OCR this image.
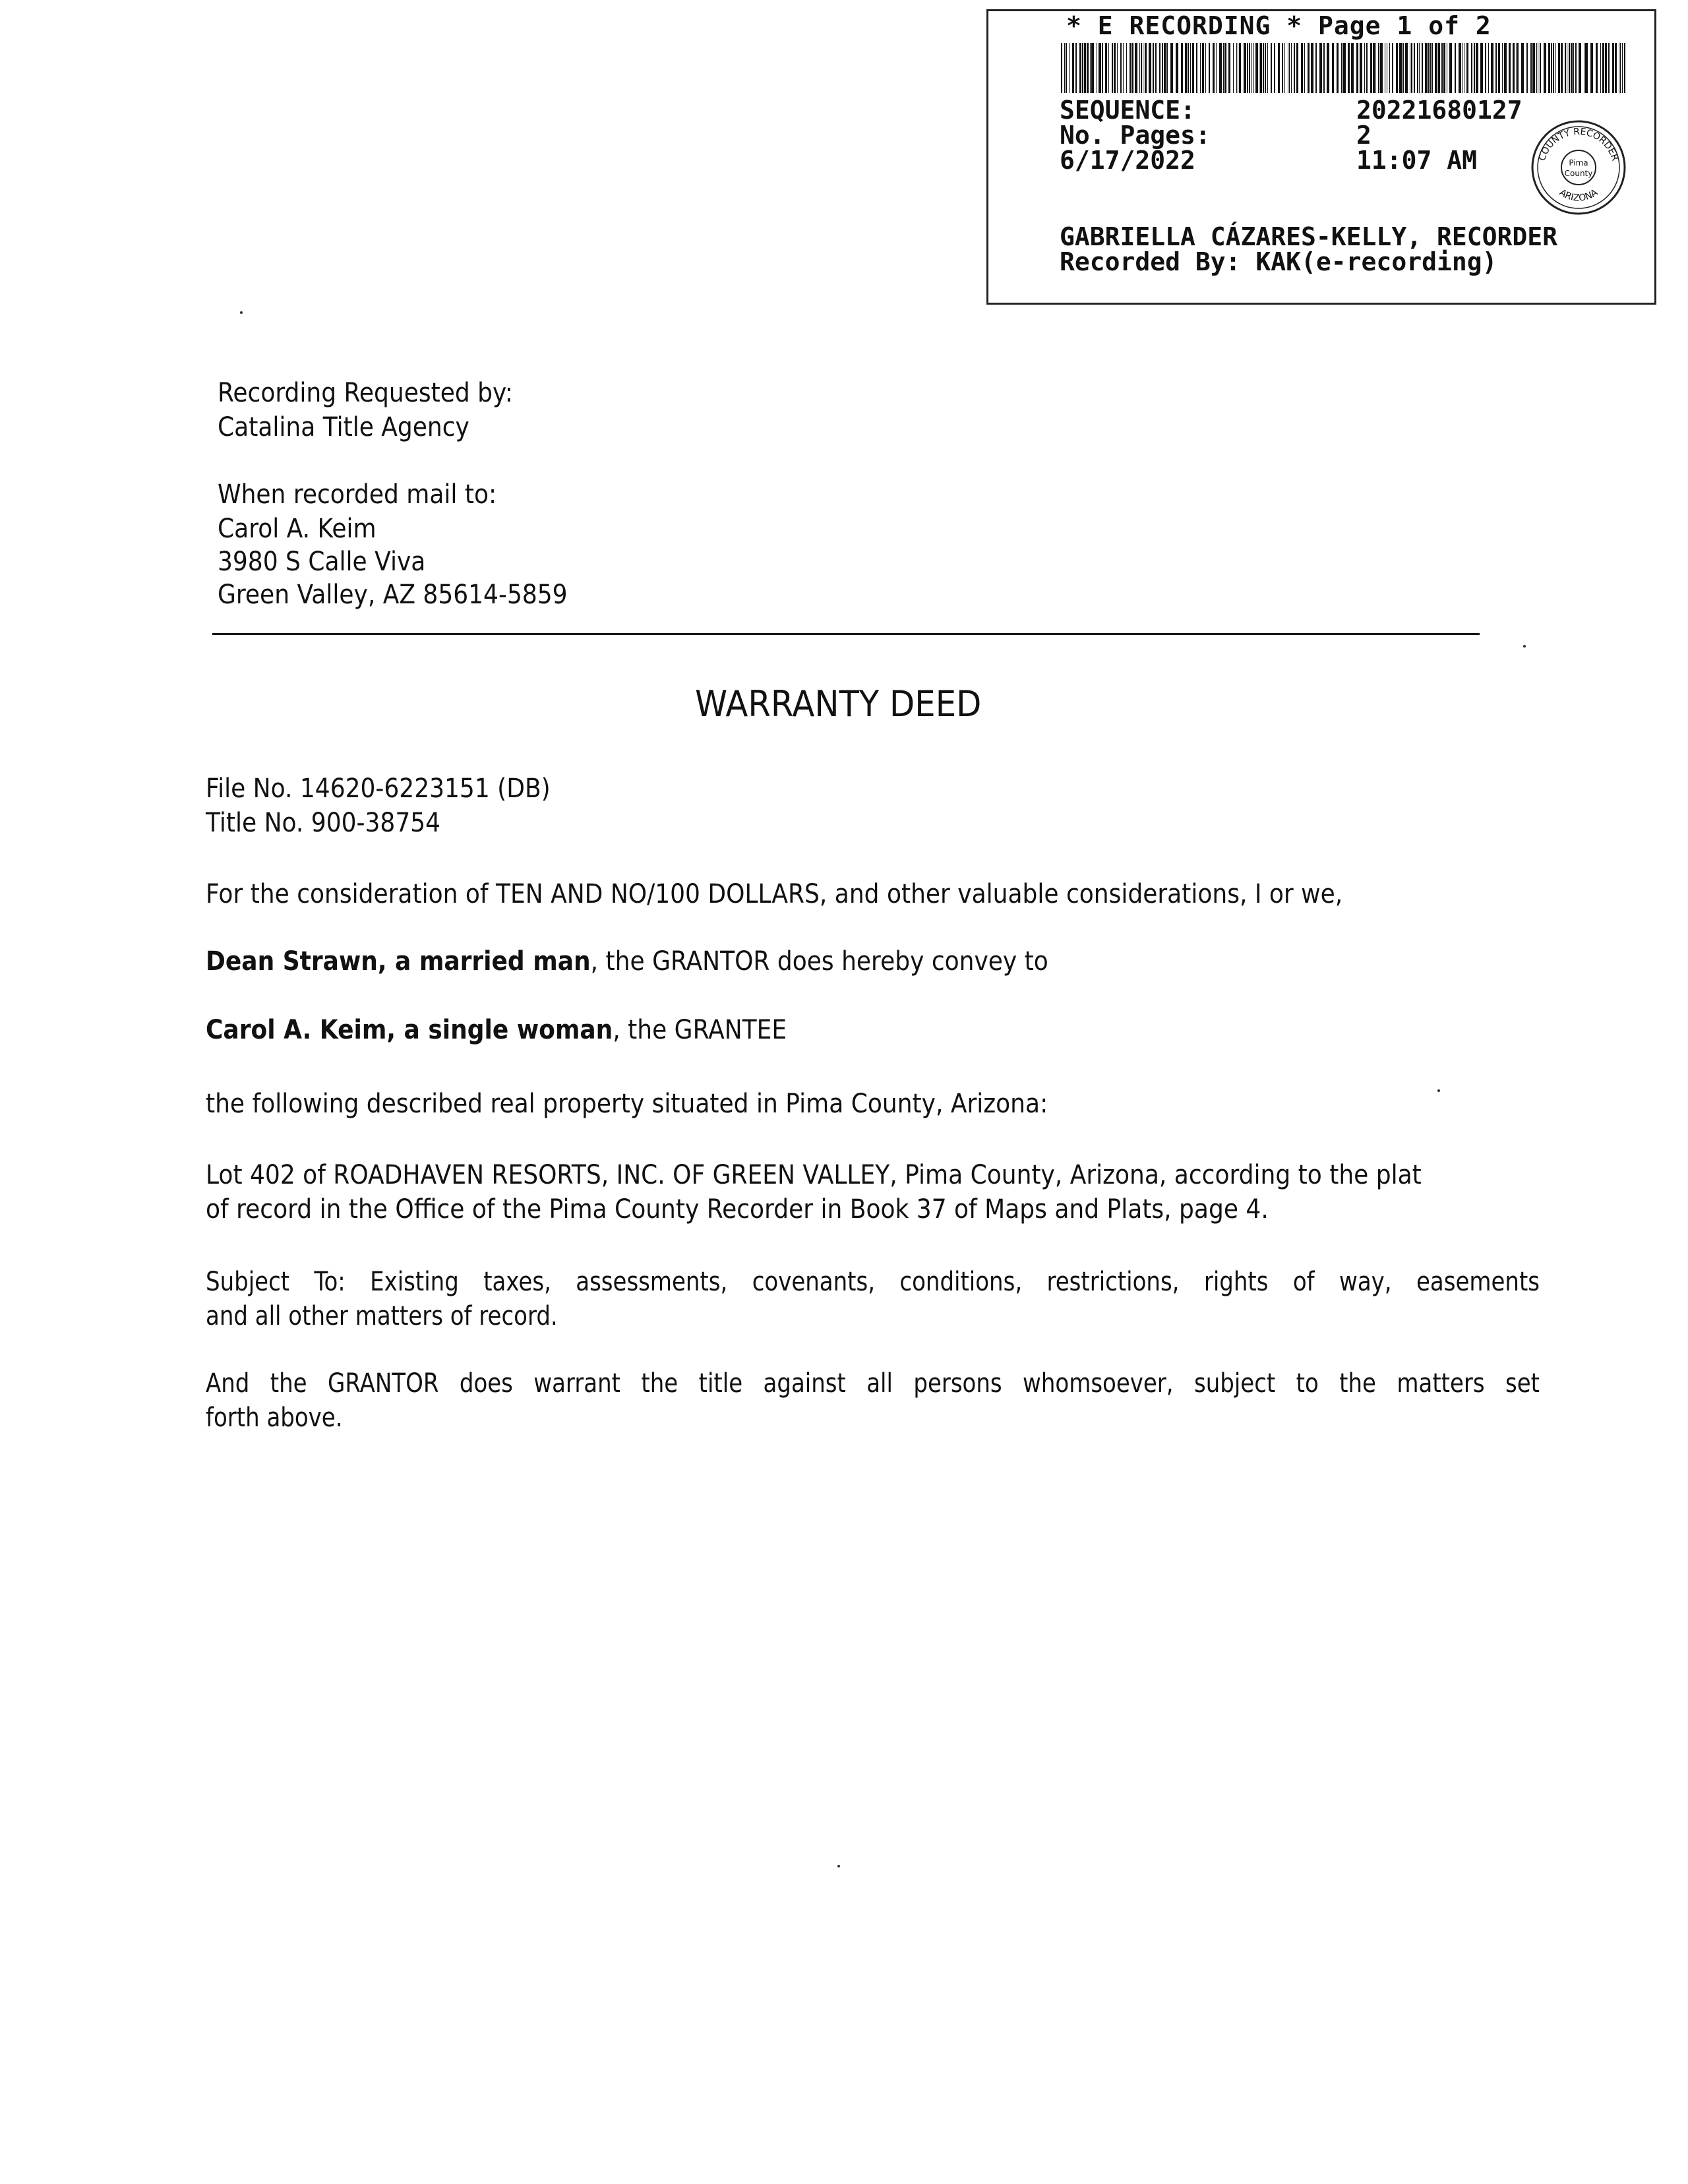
* E RECORDING * Page 1 of 2
SEQUENCE:	20221680127
No. Pages:	2
6/17/2022	11:07 AM	COUNTY RECORDER
ARIZONA
Pima
County
GABRIELLA CÁZARES-KELLY, RECORDER
Recorded By: KAK(e-recording)
Recording Requested by:
Catalina Title Agency
When recorded mail to:
Carol A. Keim
3980 S Calle Viva
Green Valley, AZ 85614-5859
WARRANTY DEED
File No. 14620-6223151 (DB)
Title No. 900-38754
For the consideration of TEN AND NO/100 DOLLARS, and other valuable considerations, I or we,
Dean Strawn, a married man, the GRANTOR does hereby convey to
Carol A. Keim, a single woman, the GRANTEE
the following described real property situated in Pima County, Arizona:
Lot 402 of ROADHAVEN RESORTS, INC. OF GREEN VALLEY, Pima County, Arizona, according to the plat
of record in the Office of the Pima County Recorder in Book 37 of Maps and Plats, page 4.
Subject To: Existing taxes, assessments, covenants, conditions, restrictions, rights of way, easements
and all other matters of record.
And the GRANTOR does warrant the title against all persons whomsoever, subject to the matters set
forth above.
